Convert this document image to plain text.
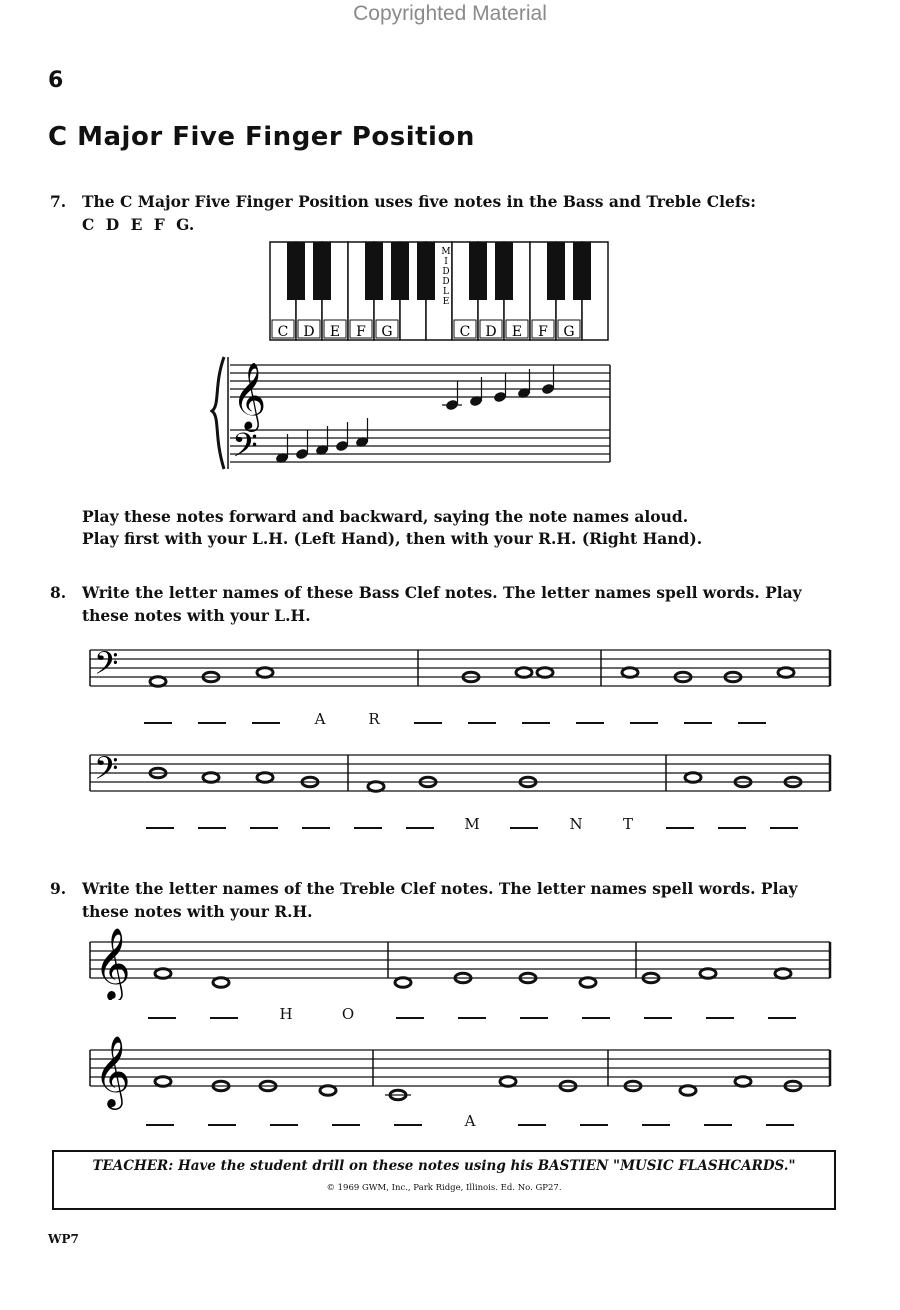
Copyrighted Material
6
C Major Five Finger Position
7. The C Major Five Finger Position uses five notes in the Bass and Treble Clefs:
C D E F G.
C D E F G	C D E F G
M
I
D
D
L
E
𝄞
𝄢
Play these notes forward and backward, saying the note names aloud.
Play first with your L.H. (Left Hand), then with your R.H. (Right Hand).
8. Write the letter names of these Bass Clef notes. The letter names spell words. Play
these notes with your L.H.
𝄢
A	R
𝄢
M	N	T
9. Write the letter names of the Treble Clef notes. The letter names spell words. Play
these notes with your R.H.
𝄞
H	O
𝄞
A
TEACHER: Have the student drill on these notes using his BASTIEN "MUSIC FLASHCARDS."
© 1969 GWM, Inc., Park Ridge, Illinois. Ed. No. GP27.
WP7
